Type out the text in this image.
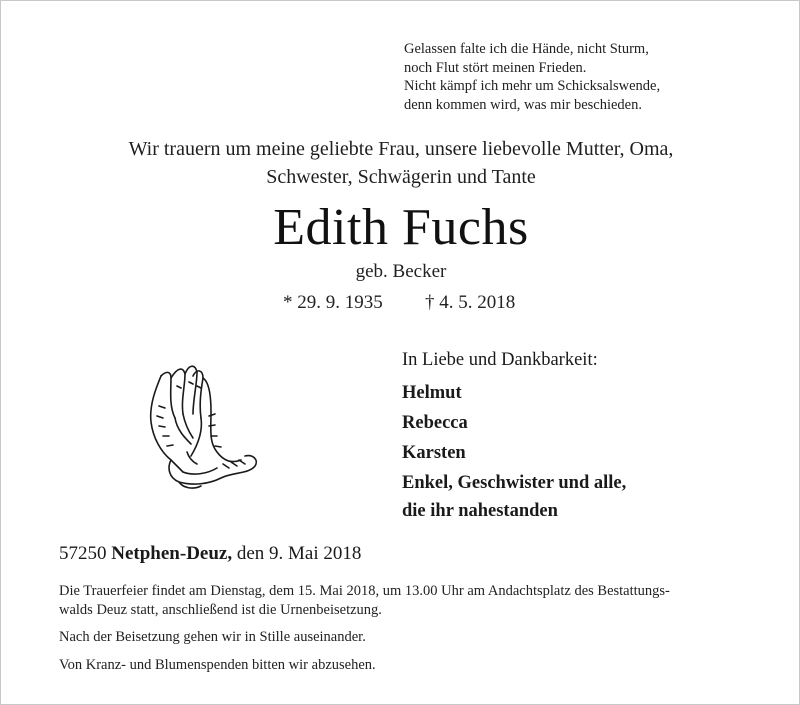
Gelassen falte ich die Hände, nicht Sturm,
noch Flut stört meinen Frieden.
Nicht kämpf ich mehr um Schicksalswende,
denn kommen wird, was mir beschieden.
Wir trauern um meine geliebte Frau, unsere liebevolle Mutter, Oma,
Schwester, Schwägerin und Tante
Edith Fuchs
geb. Becker
* 29. 9. 1935 † 4. 5. 2018
In Liebe und Dankbarkeit:
Helmut
Rebecca
Karsten
Enkel, Geschwister und alle,
die ihr nahestanden
57250 Netphen-Deuz, den 9. Mai 2018

Die Trauerfeier findet am Dienstag, dem 15. Mai 2018, um 13.00 Uhr am Andachtsplatz des Bestattungs-
walds Deuz statt, anschließend ist die Urnenbeisetzung.

Nach der Beisetzung gehen wir in Stille auseinander.

Von Kranz- und Blumenspenden bitten wir abzusehen.
